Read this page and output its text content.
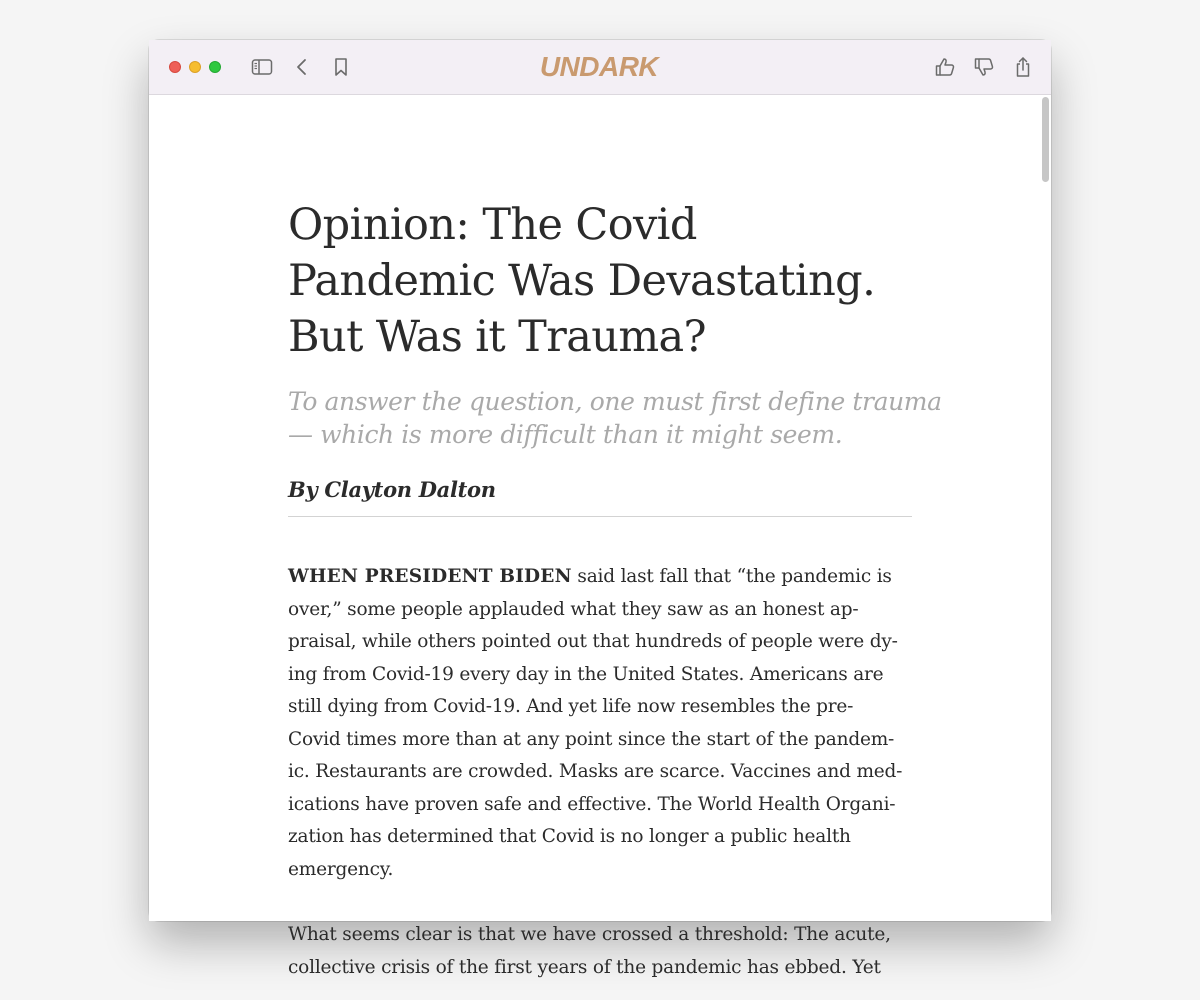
UNDARK
Opinion: The Covid
Pandemic Was Devastating.
But Was it Trauma?

To answer the question, one must first define trauma
— which is more difficult than it might seem.

By Clayton Dalton

WHEN PRESIDENT BIDEN said last fall that “the pandemic is
over,” some people applauded what they saw as an honest ap-
praisal, while others pointed out that hundreds of people were dy-
ing from Covid-19 every day in the United States. Americans are
still dying from Covid-19. And yet life now resembles the pre-
Covid times more than at any point since the start of the pandem-
ic. Restaurants are crowded. Masks are scarce. Vaccines and med-
ications have proven safe and effective. The World Health Organi-
zation has determined that Covid is no longer a public health
emergency.

What seems clear is that we have crossed a threshold: The acute,
collective crisis of the first years of the pandemic has ebbed. Yet
